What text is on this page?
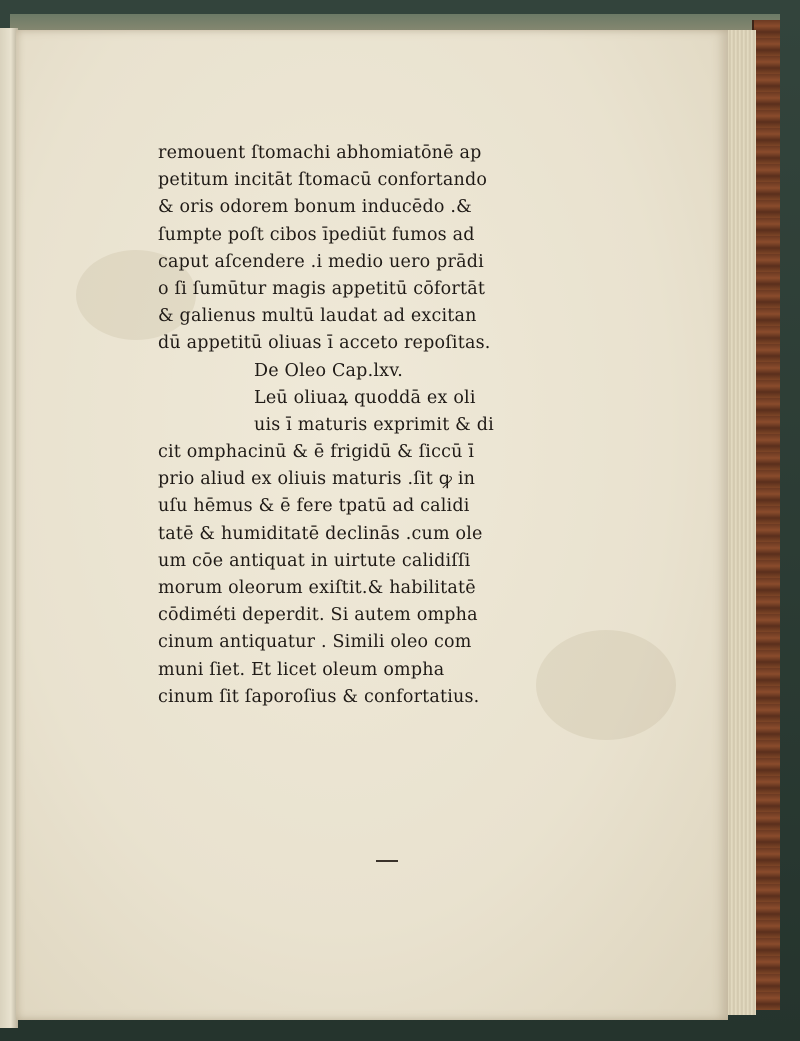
remouent ſtomachi abhomiatōnē ap
petitum incitāt ſtomacū confortando
& oris odorem bonum inducēdo .&
ſumpte poſt cibos īpediūt fumos ad
caput aſcendere .i medio uero prādi
o ſi ſumūtur magis appetitū cōfortāt
& galienus multū laudat ad excitan
dū appetitū oliuas ī acceto repoſitas.
De Oleo Cap.lxv.
Leū oliuaꝝ quoddā ex oli
uis ī maturis exprimit & di
cit omphacinū & ē frigidū & ſiccū ī
prio aliud ex oliuis maturis .ſit ꝙ in
uſu hēmus & ē fere tpatū ad calidi
tatē & humiditatē declinās .cum ole
um cōe antiquat in uirtute calidiſſi
morum oleorum exiſtit.& habilitatē
cōdiméti deperdit. Si autem ompha
cinum antiquatur . Simili oleo com
muni ſiet. Et licet oleum ompha
cinum ſit ſaporoſius & confortatius.
